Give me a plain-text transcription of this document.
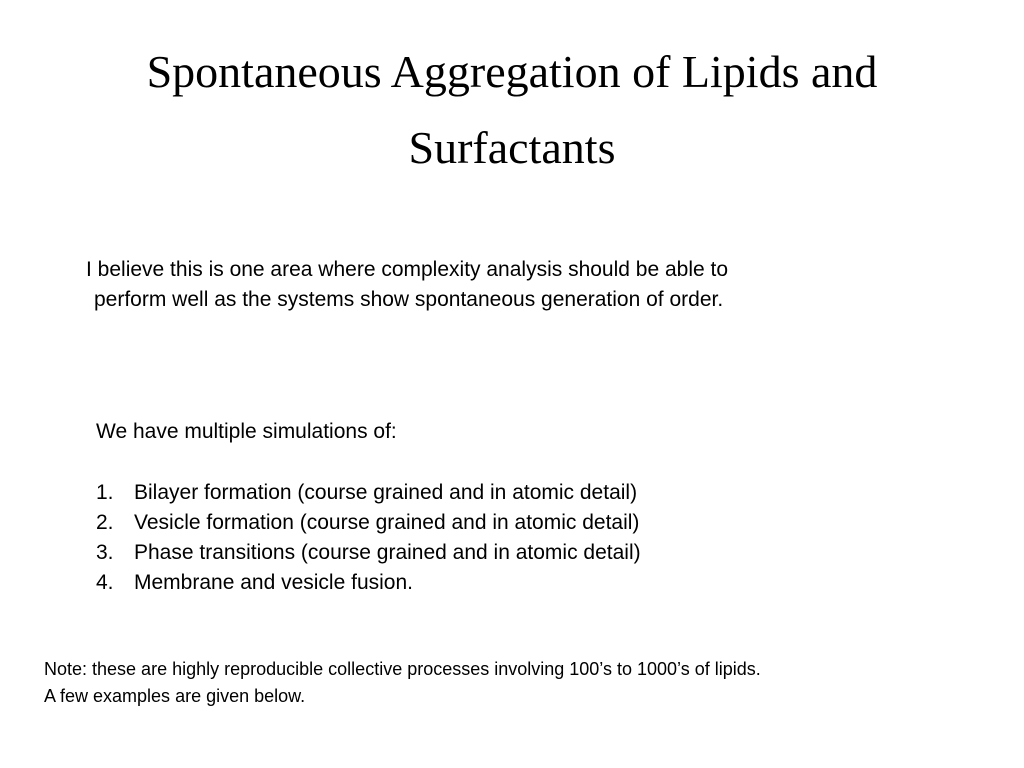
Spontaneous Aggregation of Lipids and
Surfactants
I believe this is one area where complexity analysis should be able to
perform well as the systems show spontaneous generation of order.
We have multiple simulations of:
1. Bilayer formation (course grained and in atomic detail)
2. Vesicle formation (course grained and in atomic detail)
3. Phase transitions (course grained and in atomic detail)
4. Membrane and vesicle fusion.
Note: these are highly reproducible collective processes involving 100’s to 1000’s of lipids.
A few examples are given below.
